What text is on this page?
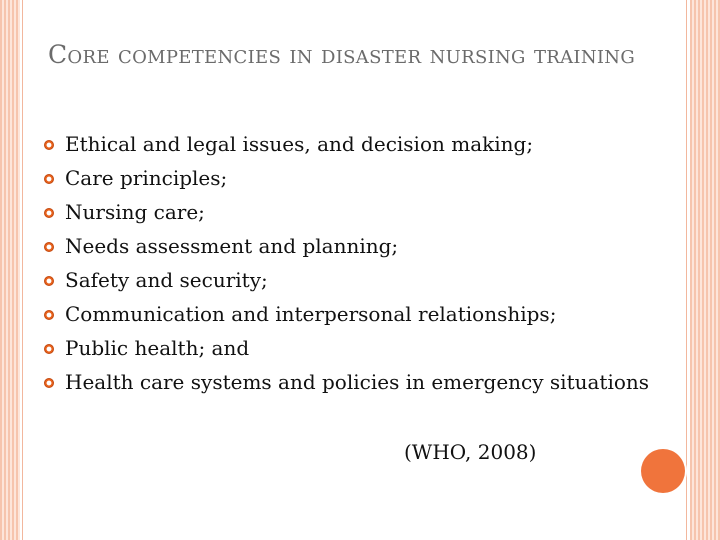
Core competencies in disaster nursing training
Ethical and legal issues, and decision making;
Care principles;
Nursing care;
Needs assessment and planning;
Safety and security;
Communication and interpersonal relationships;
Public health; and
Health care systems and policies in emergency situations
(WHO, 2008)
